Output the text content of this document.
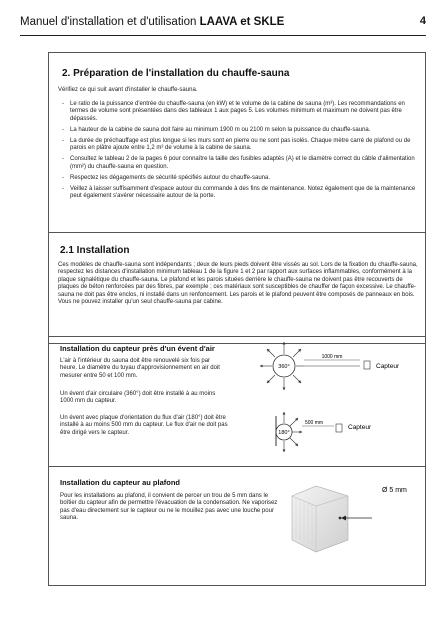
Manuel d'installation et d'utilisation LAAVA et SKLE	4
2. Préparation de l'installation du chauffe-sauna
Vérifiez ce qui suit avant d'installer le chauffe-sauna.
- Le ratio de la puissance d'entrée du chauffe-sauna (en kW) et le volume de la cabine de sauna (m³). Les recommandations en termes de volume sont présentées dans des tableaux 1 aux pages 5. Les volumes minimum et maximum ne doivent pas être dépassés.
- La hauteur de la cabine de sauna doit faire au minimum 1900 m ou 2100 m selon la puissance du chauffe-sauna.
- La durée de préchauffage est plus longue si les murs sont en pierre ou ne sont pas isolés. Chaque mètre carré de plafond ou de parois en plâtre ajoute entre 1,2 m² de volume à la cabine de sauna.
- Consultez le tableau 2 de la pages 6 pour connaître la taille des fusibles adaptés (A) et le diamètre correct du câble d'alimentation (mm²) du chauffe-sauna en question.
- Respectez les dégagements de sécurité spécifiés autour du chauffe-sauna.
- Veillez à laisser suffisamment d'espace autour du commande à des fins de maintenance. Notez également que de la maintenance peut également s'avérer nécessaire autour de la porte.
2.1 Installation
Ces modèles de chauffe-sauna sont indépendants ; deux de leurs pieds doivent être vissés au sol. Lors de la fixation du chauffe-sauna, respectez les distances d'installation minimum tableau 1 de la figure 1 et 2 par rapport aux surfaces inflammables, conformément à la plaque signalétique du chauffe-sauna. Le plafond et les parois situées derrière le chauffe-sauna ne doivent pas être recouverts de plaques de béton renforcées par des fibres, par exemple ; ces matériaux sont susceptibles de chauffer de façon excessive. Le chauffe-sauna ne doit pas être enclos, ni installé dans un renfoncement. Les parois et le plafond peuvent être composés de panneaux en bois. Vous ne pouvez installer qu'un seul chauffe-sauna par cabine.
Installation du capteur près d'un évent d'air
L'air à l'intérieur du sauna doit être renouvelé six fois par heure. Le diamètre du tuyau d'approvisionnement en air doit mesurer entre 50 et 100 mm.
Un évent d'air circulaire (360°) doit être installé à au moins 1000 mm du capteur.
Un évent avec plaque d'orientation du flux d'air (180°) doit être installé à au moins 500 mm du capteur. Le flux d'air ne doit pas être dirigé vers le capteur.
360°
1000 mm
Capteur
180°
500 mm
Capteur
Installation du capteur au plafond
Pour les installations au plafond, il convient de percer un trou de 5 mm dans le boîtier du capteur afin de permettre l'évacuation de la condensation. Ne vaporisez pas d'eau directement sur le capteur ou ne le mouillez pas avec une louche pour sauna.
Ø 5 mm
